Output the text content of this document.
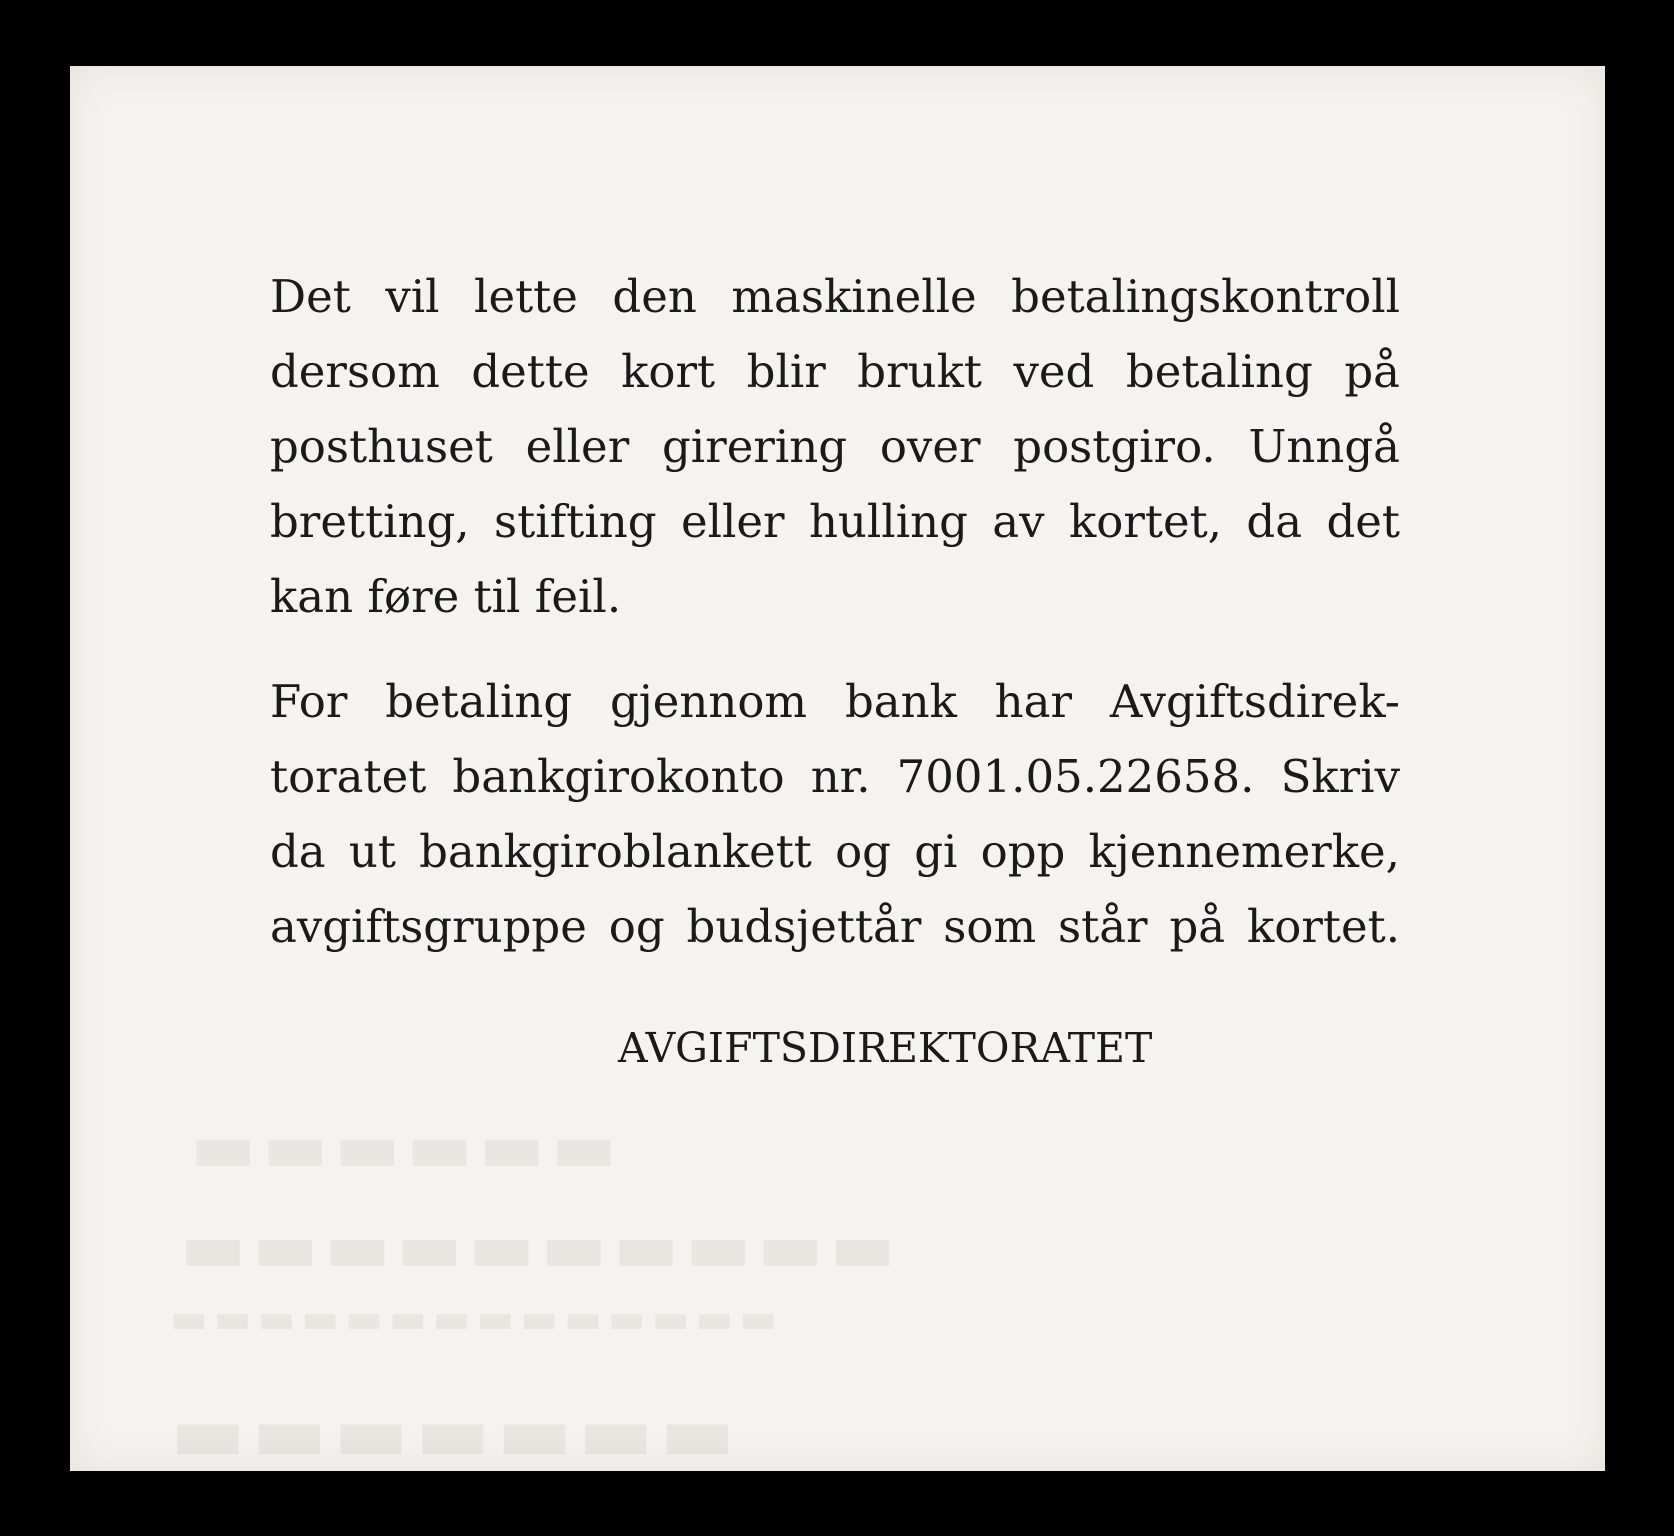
▬▬▬▬▬▬
▬▬▬▬▬▬▬▬▬▬
▬▬▬▬▬▬▬▬▬▬▬▬▬▬
▬▬▬▬▬▬▬

Det vil lette den maskinelle betalingskontroll

dersom dette kort blir brukt ved betaling på

posthuset eller girering over postgiro. Unngå

bretting, stifting eller hulling av kortet, da det

kan føre til feil.

For betaling gjennom bank har Avgiftsdirek-

toratet bankgirokonto nr. 7001.05.22658. Skriv

da ut bankgiroblankett og gi opp kjennemerke,

avgiftsgruppe og budsjettår som står på kortet.

AVGIFTSDIREKTORATET
